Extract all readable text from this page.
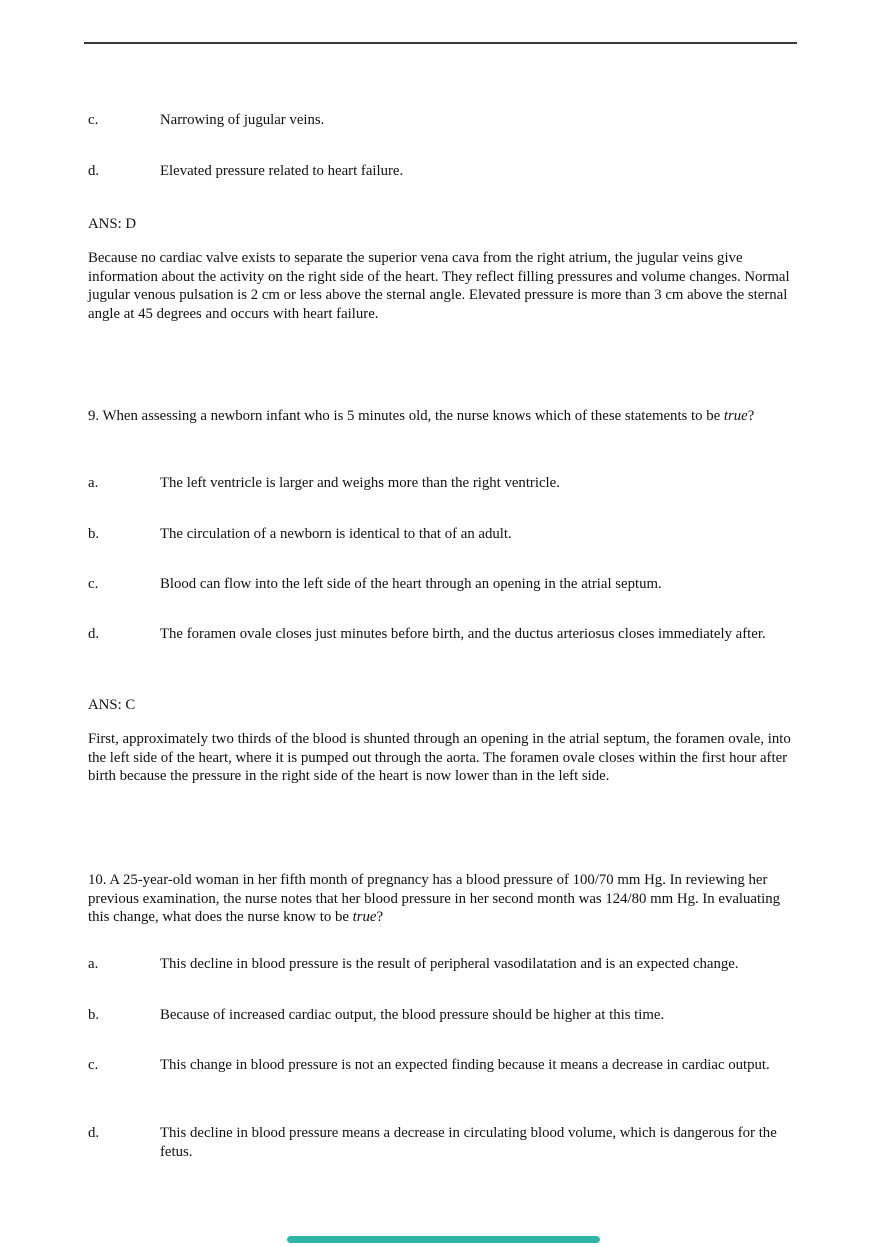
c.	Narrowing of jugular veins.
d.	Elevated pressure related to heart failure.
ANS: D
Because no cardiac valve exists to separate the superior vena cava from the right atrium, the jugular veins give information about the activity on the right side of the heart. They reflect filling pressures and volume changes. Normal jugular venous pulsation is 2 cm or less above the sternal angle. Elevated pressure is more than 3 cm above the sternal angle at 45 degrees and occurs with heart failure.
9. When assessing a newborn infant who is 5 minutes old, the nurse knows which of these statements to be true?
a.	The left ventricle is larger and weighs more than the right ventricle.
b.	The circulation of a newborn is identical to that of an adult.
c.	Blood can flow into the left side of the heart through an opening in the atrial septum.
d.	The foramen ovale closes just minutes before birth, and the ductus arteriosus closes immediately after.
ANS: C
First, approximately two thirds of the blood is shunted through an opening in the atrial septum, the foramen ovale, into the left side of the heart, where it is pumped out through the aorta. The foramen ovale closes within the first hour after birth because the pressure in the right side of the heart is now lower than in the left side.
10. A 25-year-old woman in her fifth month of pregnancy has a blood pressure of 100/70 mm Hg. In reviewing her previous examination, the nurse notes that her blood pressure in her second month was 124/80 mm Hg. In evaluating this change, what does the nurse know to be true?
a.	This decline in blood pressure is the result of peripheral vasodilatation and is an expected change.
b.	Because of increased cardiac output, the blood pressure should be higher at this time.
c.	This change in blood pressure is not an expected finding because it means a decrease in cardiac output.
d.	This decline in blood pressure means a decrease in circulating blood volume, which is dangerous for the fetus.
